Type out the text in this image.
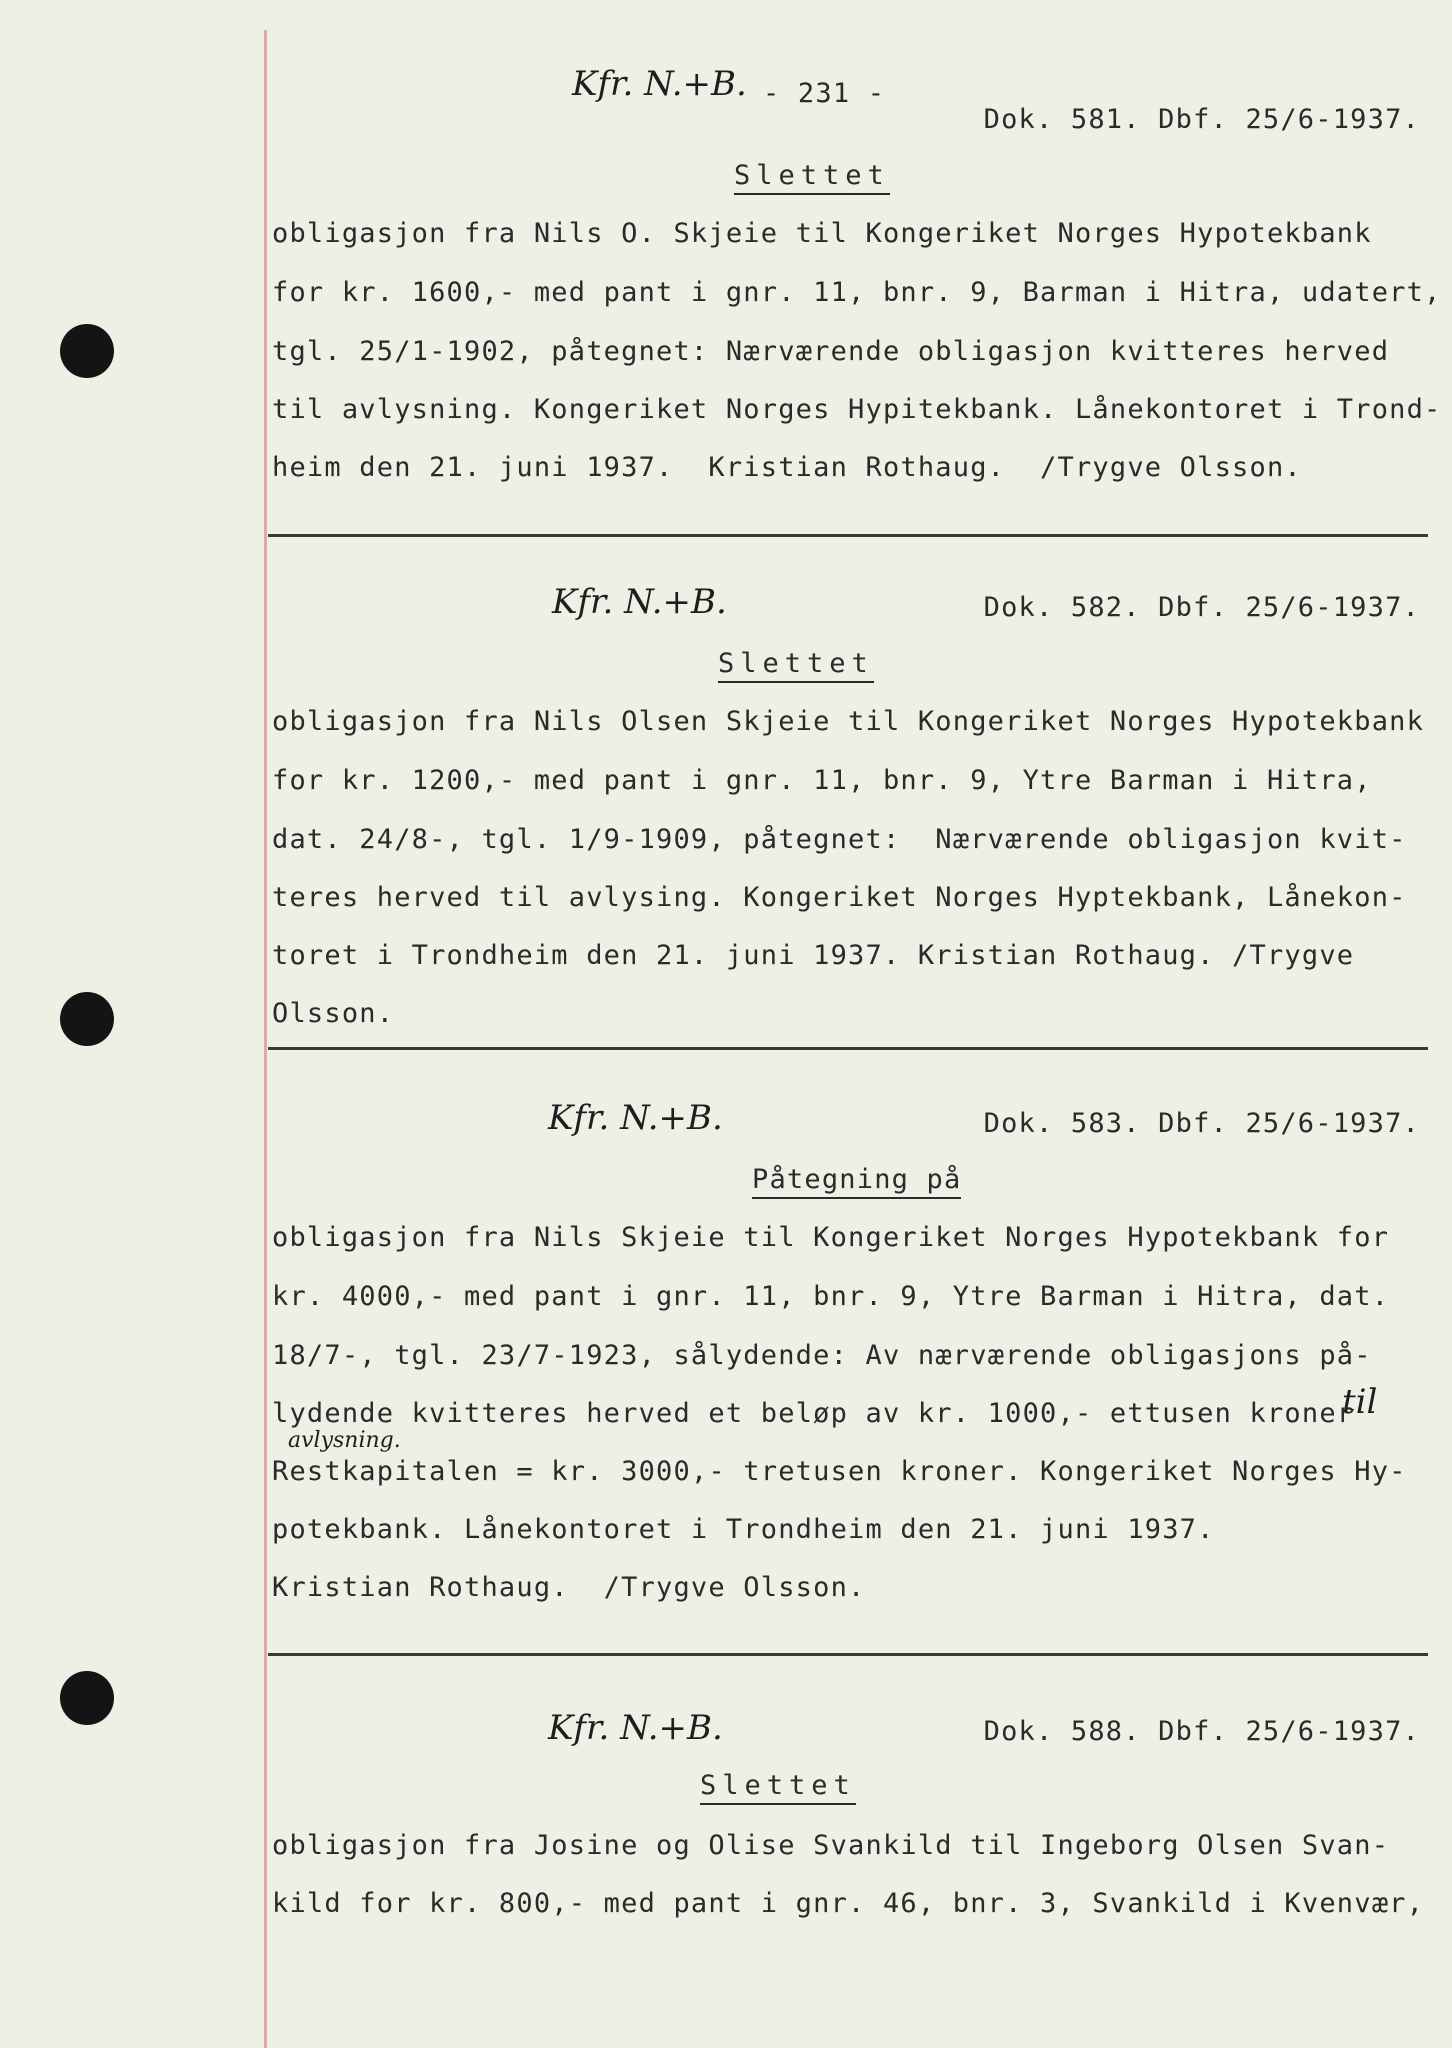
- 231 -
Kfr. N.+B.
Dok. 581. Dbf. 25/6-1937.
Slettet
obligasjon fra Nils O. Skjeie til Kongeriket Norges Hypotekbank
for kr. 1600,- med pant i gnr. 11, bnr. 9, Barman i Hitra, udatert,
tgl. 25/1-1902, påtegnet: Nærværende obligasjon kvitteres herved
til avlysning. Kongeriket Norges Hypitekbank. Lånekontoret i Trond-
heim den 21. juni 1937.  Kristian Rothaug.  /Trygve Olsson.
Kfr. N.+B.	Dok. 582. Dbf. 25/6-1937.
Slettet
obligasjon fra Nils Olsen Skjeie til Kongeriket Norges Hypotekbank
for kr. 1200,- med pant i gnr. 11, bnr. 9, Ytre Barman i Hitra,
dat. 24/8-, tgl. 1/9-1909, påtegnet:  Nærværende obligasjon kvit-
teres herved til avlysing. Kongeriket Norges Hyptekbank, Lånekon-
toret i Trondheim den 21. juni 1937. Kristian Rothaug. /Trygve
Olsson.
Kfr. N.+B.	Dok. 583. Dbf. 25/6-1937.
Påtegning på
obligasjon fra Nils Skjeie til Kongeriket Norges Hypotekbank for
kr. 4000,- med pant i gnr. 11, bnr. 9, Ytre Barman i Hitra, dat.
18/7-, tgl. 23/7-1923, sålydende: Av nærværende obligasjons på-
lydende kvitteres herved et beløp av kr. 1000,- ettusen kroner
til
avlysning.
Restkapitalen = kr. 3000,- tretusen kroner. Kongeriket Norges Hy-
potekbank. Lånekontoret i Trondheim den 21. juni 1937.
Kristian Rothaug.  /Trygve Olsson.
Kfr. N.+B.	Dok. 588. Dbf. 25/6-1937.
Slettet
obligasjon fra Josine og Olise Svankild til Ingeborg Olsen Svan-
kild for kr. 800,- med pant i gnr. 46, bnr. 3, Svankild i Kvenvær,
